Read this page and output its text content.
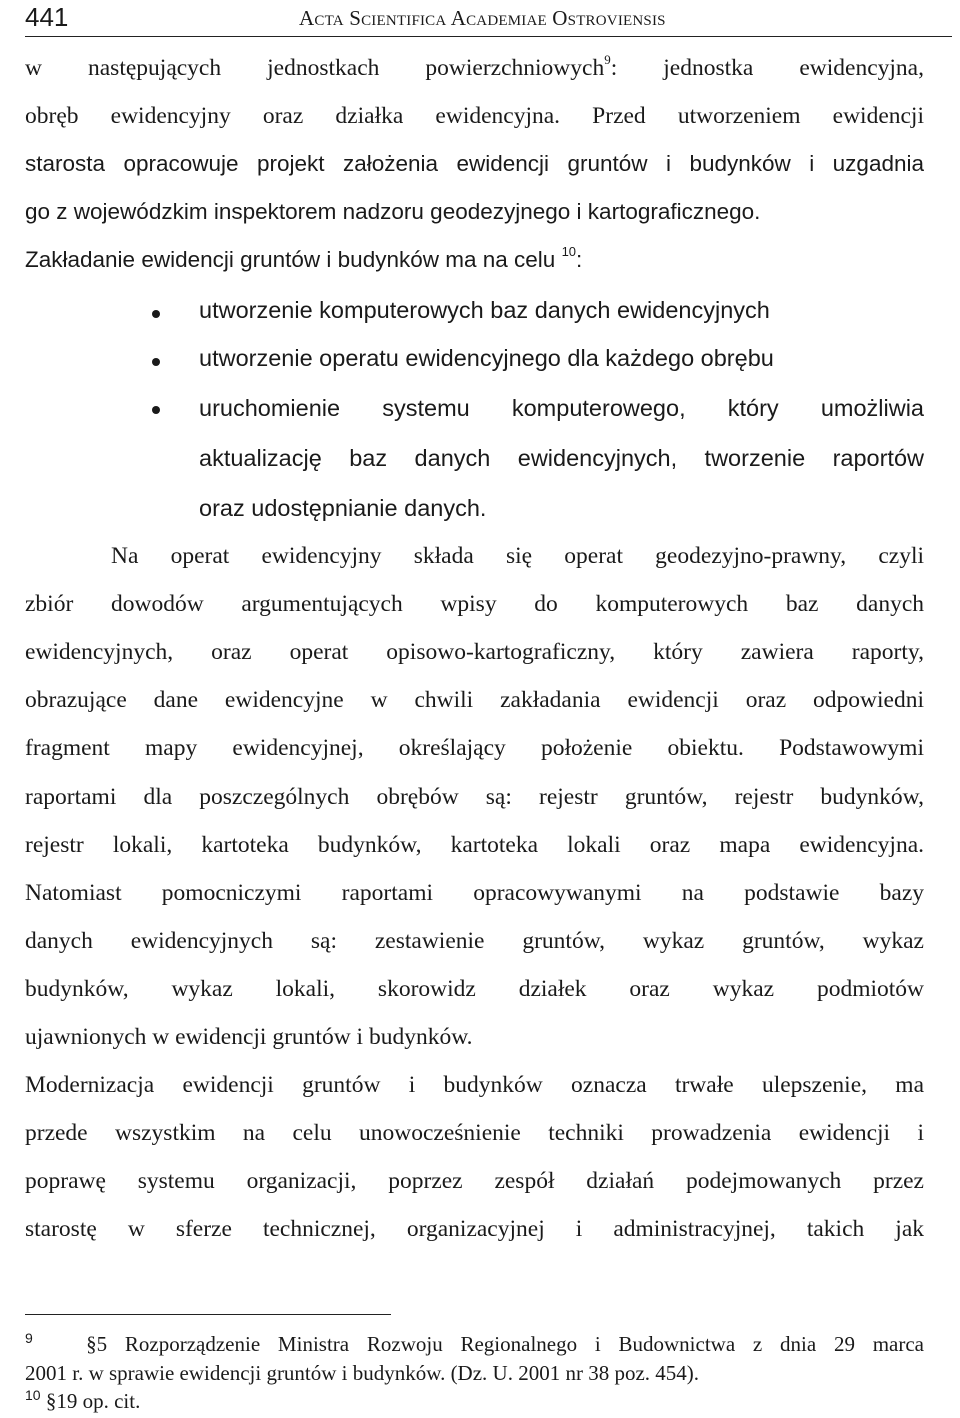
441	Acta Scientifica Academiae Ostroviensis
w następujących jednostkach powierzchniowych$^9$: jednostka ewidencyjna,
obręb ewidencyjny oraz działka ewidencyjna. Przed utworzeniem ewidencji
starosta opracowuje projekt założenia ewidencji gruntów i budynków i uzgadnia
go z wojewódzkim inspektorem nadzoru geodezyjnego i kartograficznego.
Zakładanie ewidencji gruntów i budynków ma na celu $^{10}$:
utworzenie komputerowych baz danych ewidencyjnych
utworzenie operatu ewidencyjnego dla każdego obrębu
uruchomienie systemu komputerowego, który umożliwia
aktualizację baz danych ewidencyjnych, tworzenie raportów
oraz udostępnianie danych.
Na operat ewidencyjny składa się operat geodezyjno-prawny, czyli
zbiór dowodów argumentujących wpisy do komputerowych baz danych
ewidencyjnych, oraz operat opisowo-kartograficzny, który zawiera raporty,
obrazujące dane ewidencyjne w chwili zakładania ewidencji oraz odpowiedni
fragment mapy ewidencyjnej, określający położenie obiektu. Podstawowymi
raportami dla poszczególnych obrębów są: rejestr gruntów, rejestr budynków,
rejestr lokali, kartoteka budynków, kartoteka lokali oraz mapa ewidencyjna.
Natomiast pomocniczymi raportami opracowywanymi na podstawie bazy
danych ewidencyjnych są: zestawienie gruntów, wykaz gruntów, wykaz
budynków, wykaz lokali, skorowidz działek oraz wykaz podmiotów
ujawnionych w ewidencji gruntów i budynków.
Modernizacja ewidencji gruntów i budynków oznacza trwałe ulepszenie, ma
przede wszystkim na celu unowocześnienie techniki prowadzenia ewidencji i
poprawę systemu organizacji, poprzez zespół działań podejmowanych przez
starostę w sferze technicznej, organizacyjnej i administracyjnej, takich jak
$^9$	§5 Rozporządzenie Ministra Rozwoju Regionalnego i Budownictwa z dnia 29 marca
2001 r. w sprawie ewidencji gruntów i budynków. (Dz. U. 2001 nr 38 poz. 454).
$^{10}$ §19 op. cit.
